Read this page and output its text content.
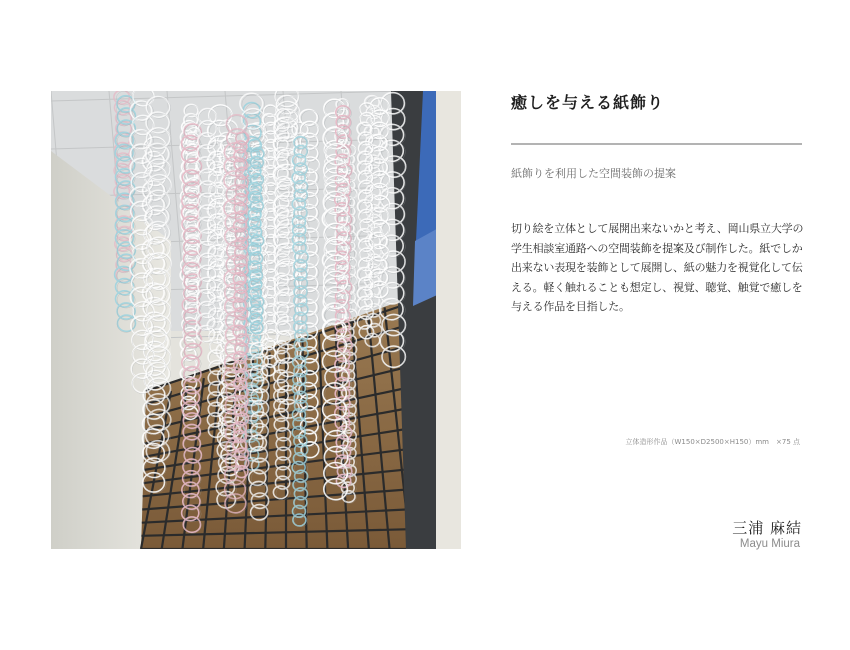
癒しを与える紙飾り
紙飾りを利用した空間装飾の提案
切り絵を立体として展開出来ないかと考え、岡山県立大学の
学生相談室通路への空間装飾を提案及び制作した。紙でしか
出来ない表現を装飾として展開し、紙の魅力を視覚化して伝
える。軽く触れることも想定し、視覚、聴覚、触覚で癒しを
与える作品を目指した。
立体造形作品（W150×D2500×H150）mm　×75 点
三浦 麻結
Mayu Miura
